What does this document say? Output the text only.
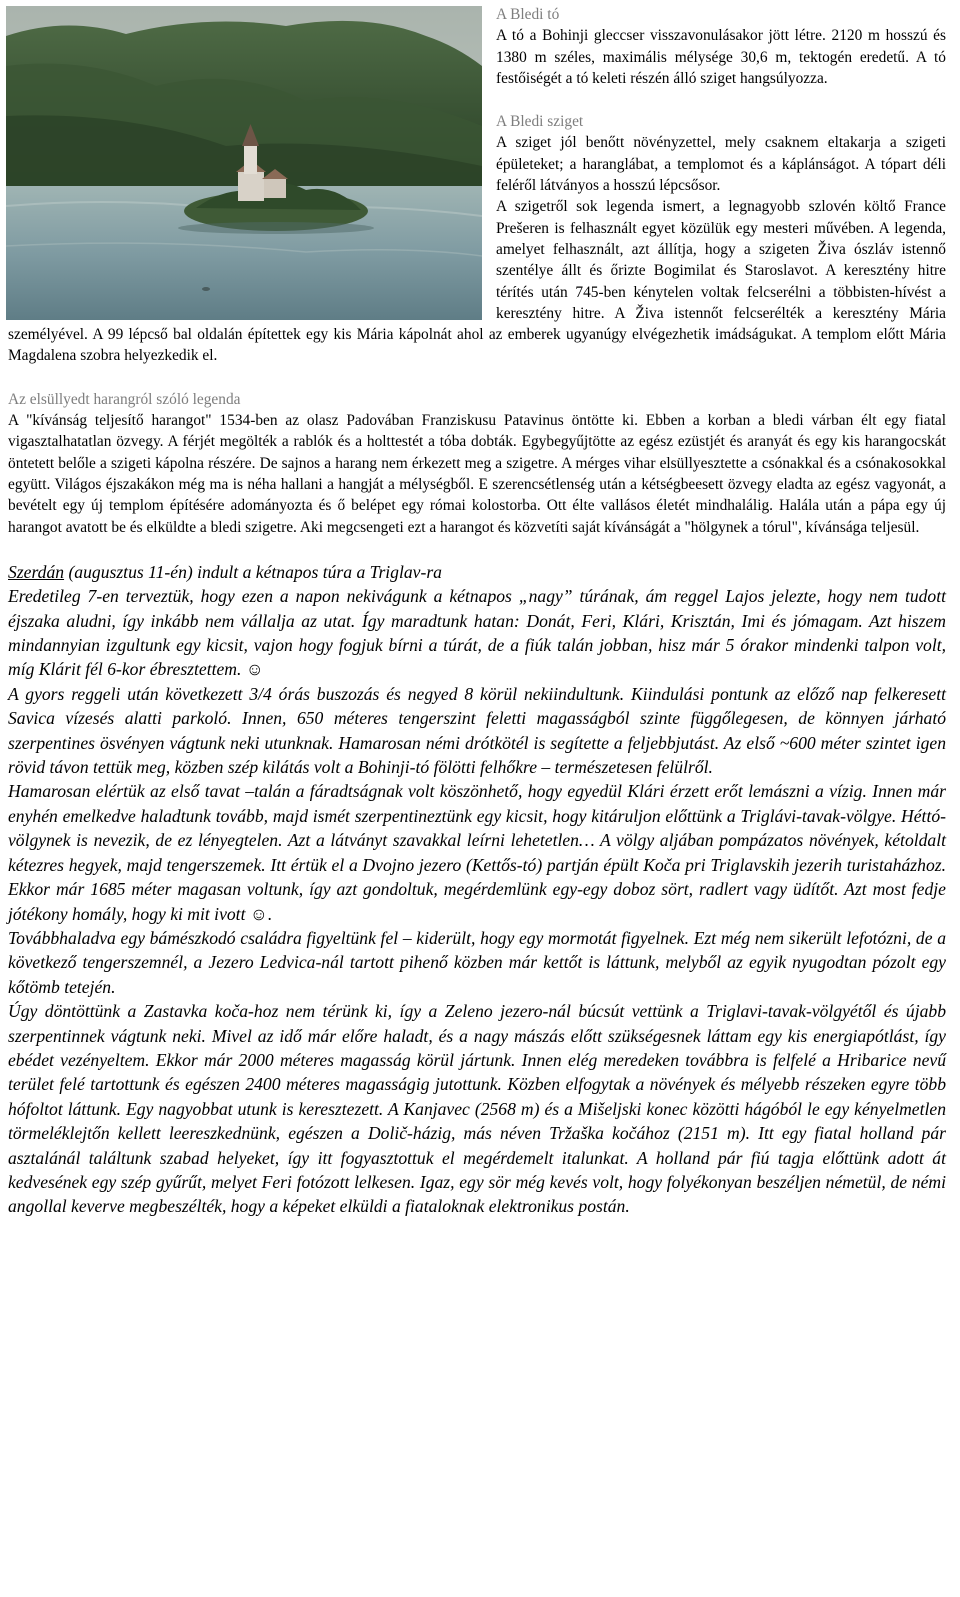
A Bledi tó

A tó a Bohinji gleccser visszavonulásakor jött létre. 2120 m hosszú és 1380 m széles, maximális mélysége 30,6 m, tektogén eredetű. A tó festőiségét a tó keleti részén álló sziget hangsúlyozza.

A Bledi sziget

A sziget jól benőtt növényzettel, mely csaknem eltakarja a szigeti épületeket; a haranglábat, a templomot és a káplánságot. A tópart déli feléről látványos a hosszú lépcsősor.

A szigetről sok legenda ismert, a legnagyobb szlovén költő France Prešeren is felhasznált egyet közülük egy mesteri művében. A legenda, amelyet felhasznált, azt állítja, hogy a szigeten Živa ószláv istennő szentélye állt és őrizte Bogimilat és Staroslavot. A keresztény hitre térítés után 745-ben kénytelen voltak felcserélni a többisten-hívést a keresztény hitre. A Živa istennőt felcserélték a keresztény Mária személyével. A 99 lépcső bal oldalán építettek egy kis Mária kápolnát ahol az emberek ugyanúgy elvégezhetik imádságukat. A templom előtt Mária Magdalena szobra helyezkedik el.

Az elsüllyedt harangról szóló legenda

A "kívánság teljesítő harangot" 1534-ben az olasz Padovában Franziskusu Patavinus öntötte ki. Ebben a korban a bledi várban élt egy fiatal vigasztalhatatlan özvegy. A férjét megölték a rablók és a holttestét a tóba dobták. Egybegyűjtötte az egész ezüstjét és aranyát és egy kis harangocskát öntetett belőle a szigeti kápolna részére. De sajnos a harang nem érkezett meg a szigetre. A mérges vihar elsüllyesztette a csónakkal és a csónakosokkal együtt. Világos éjszakákon még ma is néha hallani a hangját a mélységből. E szerencsétlenség után a kétségbeesett özvegy eladta az egész vagyonát, a bevételt egy új templom építésére adományozta és ő belépet egy római kolostorba. Ott élte vallásos életét mindhalálig. Halála után a pápa egy új harangot avatott be és elküldte a bledi szigetre. Aki megcsengeti ezt a harangot és közvetíti saját kívánságát a "hölgynek a tórul", kívánsága teljesül.

Szerdán (augusztus 11-én) indult a kétnapos túra a Triglav-ra

Eredetileg 7-en terveztük, hogy ezen a napon nekivágunk a kétnapos „nagy” túrának, ám reggel Lajos jelezte, hogy nem tudott éjszaka aludni, így inkább nem vállalja az utat. Így maradtunk hatan: Donát, Feri, Klári, Krisztán, Imi és jómagam. Azt hiszem mindannyian izgultunk egy kicsit, vajon hogy fogjuk bírni a túrát, de a fiúk talán jobban, hisz már 5 órakor mindenki talpon volt, míg Klárit fél 6-kor ébresztettem. ☺

A gyors reggeli után következett 3/4 órás buszozás és negyed 8 körül nekiindultunk. Kiindulási pontunk az előző nap felkeresett Savica vízesés alatti parkoló. Innen, 650 méteres tengerszint feletti magasságból szinte függőlegesen, de könnyen járható szerpentines ösvényen vágtunk neki utunknak. Hamarosan némi drótkötél is segítette a feljebbjutást. Az első ~600 méter szintet igen rövid távon tettük meg, közben szép kilátás volt a Bohinji-tó fölötti felhőkre – természetesen felülről.

Hamarosan elértük az első tavat –talán a fáradtságnak volt köszönhető, hogy egyedül Klári érzett erőt lemászni a vízig. Innen már enyhén emelkedve haladtunk tovább, majd ismét szerpentineztünk egy kicsit, hogy kitáruljon előttünk a Triglávi-tavak-völgye. Héttó-völgynek is nevezik, de ez lényegtelen. Azt a látványt szavakkal leírni lehetetlen… A völgy aljában pompázatos növények, kétoldalt kétezres hegyek, majd tengerszemek. Itt értük el a Dvojno jezero (Kettős-tó) partján épült Koča pri Triglavskih jezerih turistaházhoz. Ekkor már 1685 méter magasan voltunk, így azt gondoltuk, megérdemlünk egy-egy doboz sört, radlert vagy üdítőt. Azt most fedje jótékony homály, hogy ki mit ivott ☺.

Továbbhaladva egy bámészkodó családra figyeltünk fel – kiderült, hogy egy mormotát figyelnek. Ezt még nem sikerült lefotózni, de a következő tengerszemnél, a Jezero Ledvica-nál tartott pihenő közben már kettőt is láttunk, melyből az egyik nyugodtan pózolt egy kőtömb tetején.

Úgy döntöttünk a Zastavka koča-hoz nem térünk ki, így a Zeleno jezero-nál búcsút vettünk a Triglavi-tavak-völgyétől és újabb szerpentinnek vágtunk neki. Mivel az idő már előre haladt, és a nagy mászás előtt szükségesnek láttam egy kis energiapótlást, így ebédet vezényeltem. Ekkor már 2000 méteres magasság körül jártunk. Innen elég meredeken továbbra is felfelé a Hribarice nevű terület felé tartottunk és egészen 2400 méteres magasságig jutottunk. Közben elfogytak a növények és mélyebb részeken egyre több hófoltot láttunk. Egy nagyobbat utunk is keresztezett. A Kanjavec (2568 m) és a Mišeljski konec közötti hágóból le egy kényelmetlen törmeléklejtőn kellett leereszkednünk, egészen a Dolič-házig, más néven Tržaška kočához (2151 m). Itt egy fiatal holland pár asztalánál találtunk szabad helyeket, így itt fogyasztottuk el megérdemelt italunkat. A holland pár fiú tagja előttünk adott át kedvesének egy szép gyűrűt, melyet Feri fotózott lelkesen. Igaz, egy sör még kevés volt, hogy folyékonyan beszéljen németül, de némi angollal keverve megbeszélték, hogy a képeket elküldi a fiataloknak elektronikus postán.
